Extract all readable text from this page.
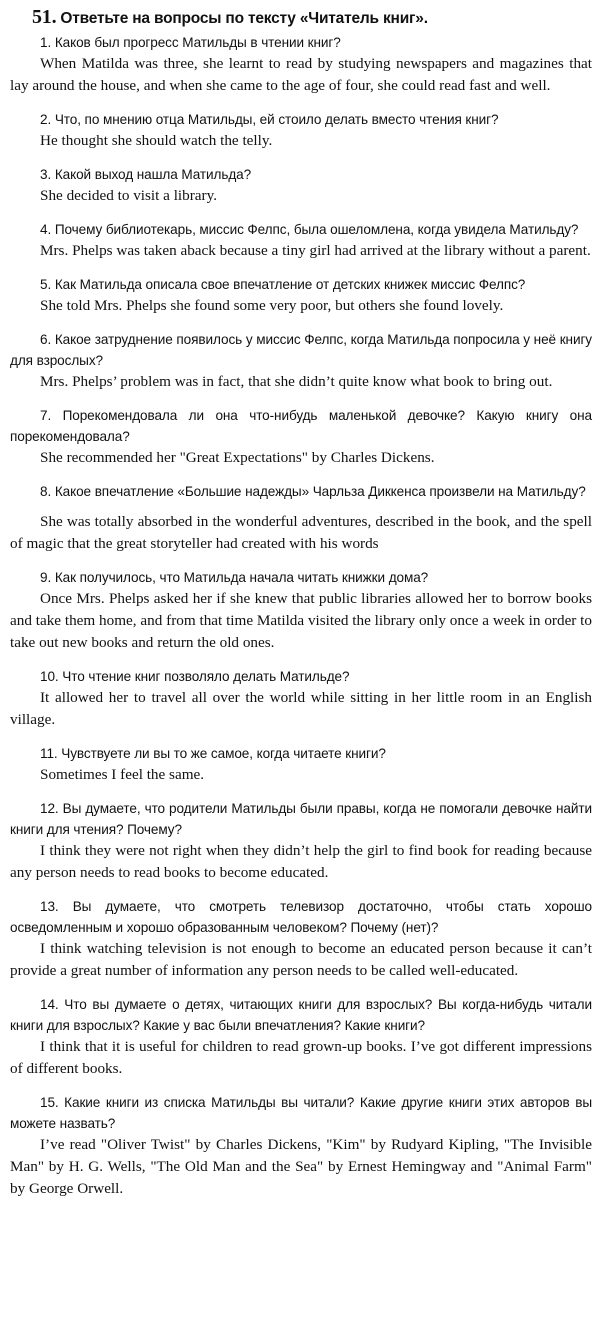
51. Ответьте на вопросы по тексту «Читатель книг».

1. Каков был прогресс Матильды в чтении книг?

When Matilda was three, she learnt to read by studying newspapers and magazines that lay around the house, and when she came to the age of four, she could read fast and well.

2. Что, по мнению отца Матильды, ей стоило делать вместо чтения книг?

He thought she should watch the telly.

3. Какой выход нашла Матильда?

She decided to visit a library.

4. Почему библиотекарь, миссис Фелпс, была ошеломлена, когда увидела Матильду?

Mrs. Phelps was taken aback because a tiny girl had arrived at the library without a parent.

5. Как Матильда описала свое впечатление от детских книжек миссис Фелпс?

She told Mrs. Phelps she found some very poor, but others she found lovely.

6. Какое затруднение появилось у миссис Фелпс, когда Матильда попросила у неё книгу для взрослых?

Mrs. Phelps’ problem was in fact, that she didn’t quite know what book to bring out.

7. Порекомендовала ли она что-нибудь маленькой девочке? Какую книгу она порекомендовала?

She recommended her "Great Expectations" by Charles Dickens.

8. Какое впечатление «Большие надежды» Чарльза Диккенса произвели на Матильду?

She was totally absorbed in the wonderful adventures, described in the book, and the spell of magic that the great storyteller had created with his words

9. Как получилось, что Матильда начала читать книжки дома?

Once Mrs. Phelps asked her if she knew that public libraries allowed her to borrow books and take them home, and from that time Matilda visited the library only once a week in order to take out new books and return the old ones.

10. Что чтение книг позволяло делать Матильде?

It allowed her to travel all over the world while sitting in her little room in an English village.

11. Чувствуете ли вы то же самое, когда читаете книги?

Sometimes I feel the same.

12. Вы думаете, что родители Матильды были правы, когда не помогали девочке найти книги для чтения? Почему?

I think they were not right when they didn’t help the girl to find book for reading because any person needs to read books to become educated.

13. Вы думаете, что смотреть телевизор достаточно, чтобы стать хорошо осведомленным и хорошо образованным человеком? Почему (нет)?

I think watching television is not enough to become an educated person because it can’t provide a great number of information any person needs to be called well-educated.

14. Что вы думаете о детях, читающих книги для взрослых? Вы когда-нибудь читали книги для взрослых? Какие у вас были впечатления? Какие книги?

I think that it is useful for children to read grown-up books. I’ve got different impressions of different books.

15. Какие книги из списка Матильды вы читали? Какие другие книги этих авторов вы можете назвать?

I’ve read "Oliver Twist" by Charles Dickens, "Kim" by Rudyard Kipling, "The Invisible Man" by H. G. Wells, "The Old Man and the Sea" by Ernest Hemingway and "Animal Farm" by George Orwell.
